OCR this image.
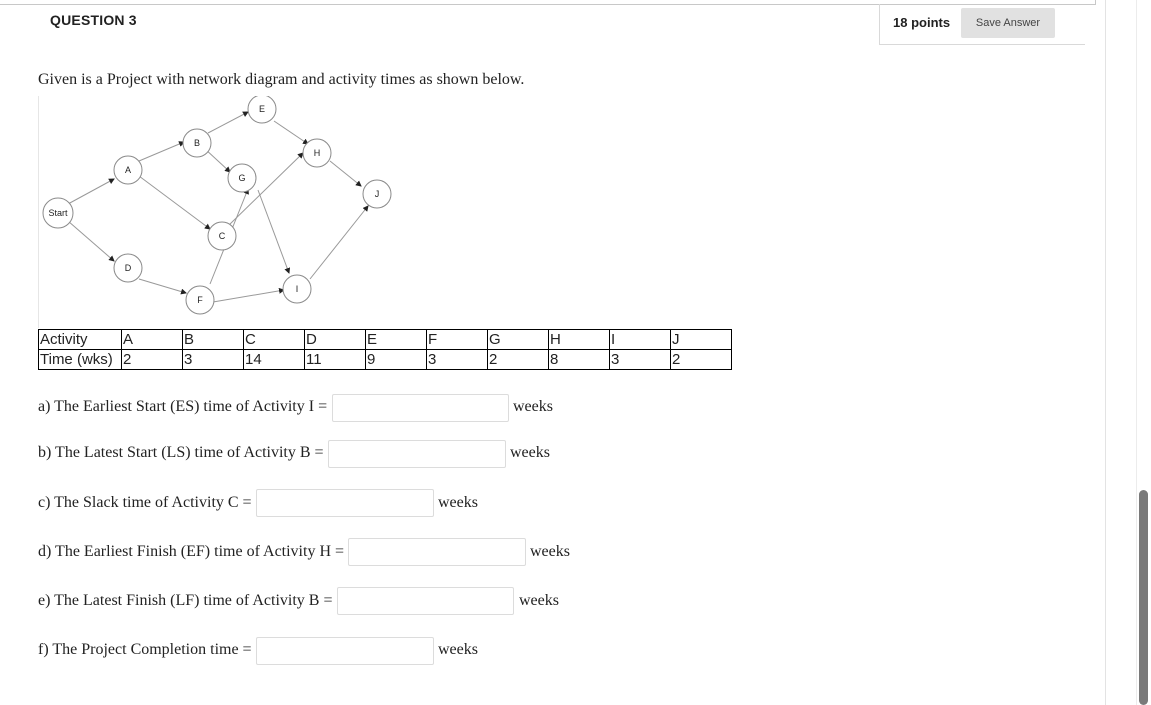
QUESTION 3	18 points	Save Answer
Given is a Project with network diagram and activity times as shown below.
Start
A
D
B
F
E
G
C
H
I
J
Activity	A	B	C	D	E	F	G	H	I	J
Time (wks)	2	3	14	11	9	3	2	8	3	2
a) The Earliest Start (ES) time of Activity I =	weeks
b) The Latest Start (LS) time of Activity B =	weeks
c) The Slack time of Activity C =	weeks
d) The Earliest Finish (EF) time of Activity H =	weeks
e) The Latest Finish (LF) time of Activity B =	weeks
f) The Project Completion time =	weeks
